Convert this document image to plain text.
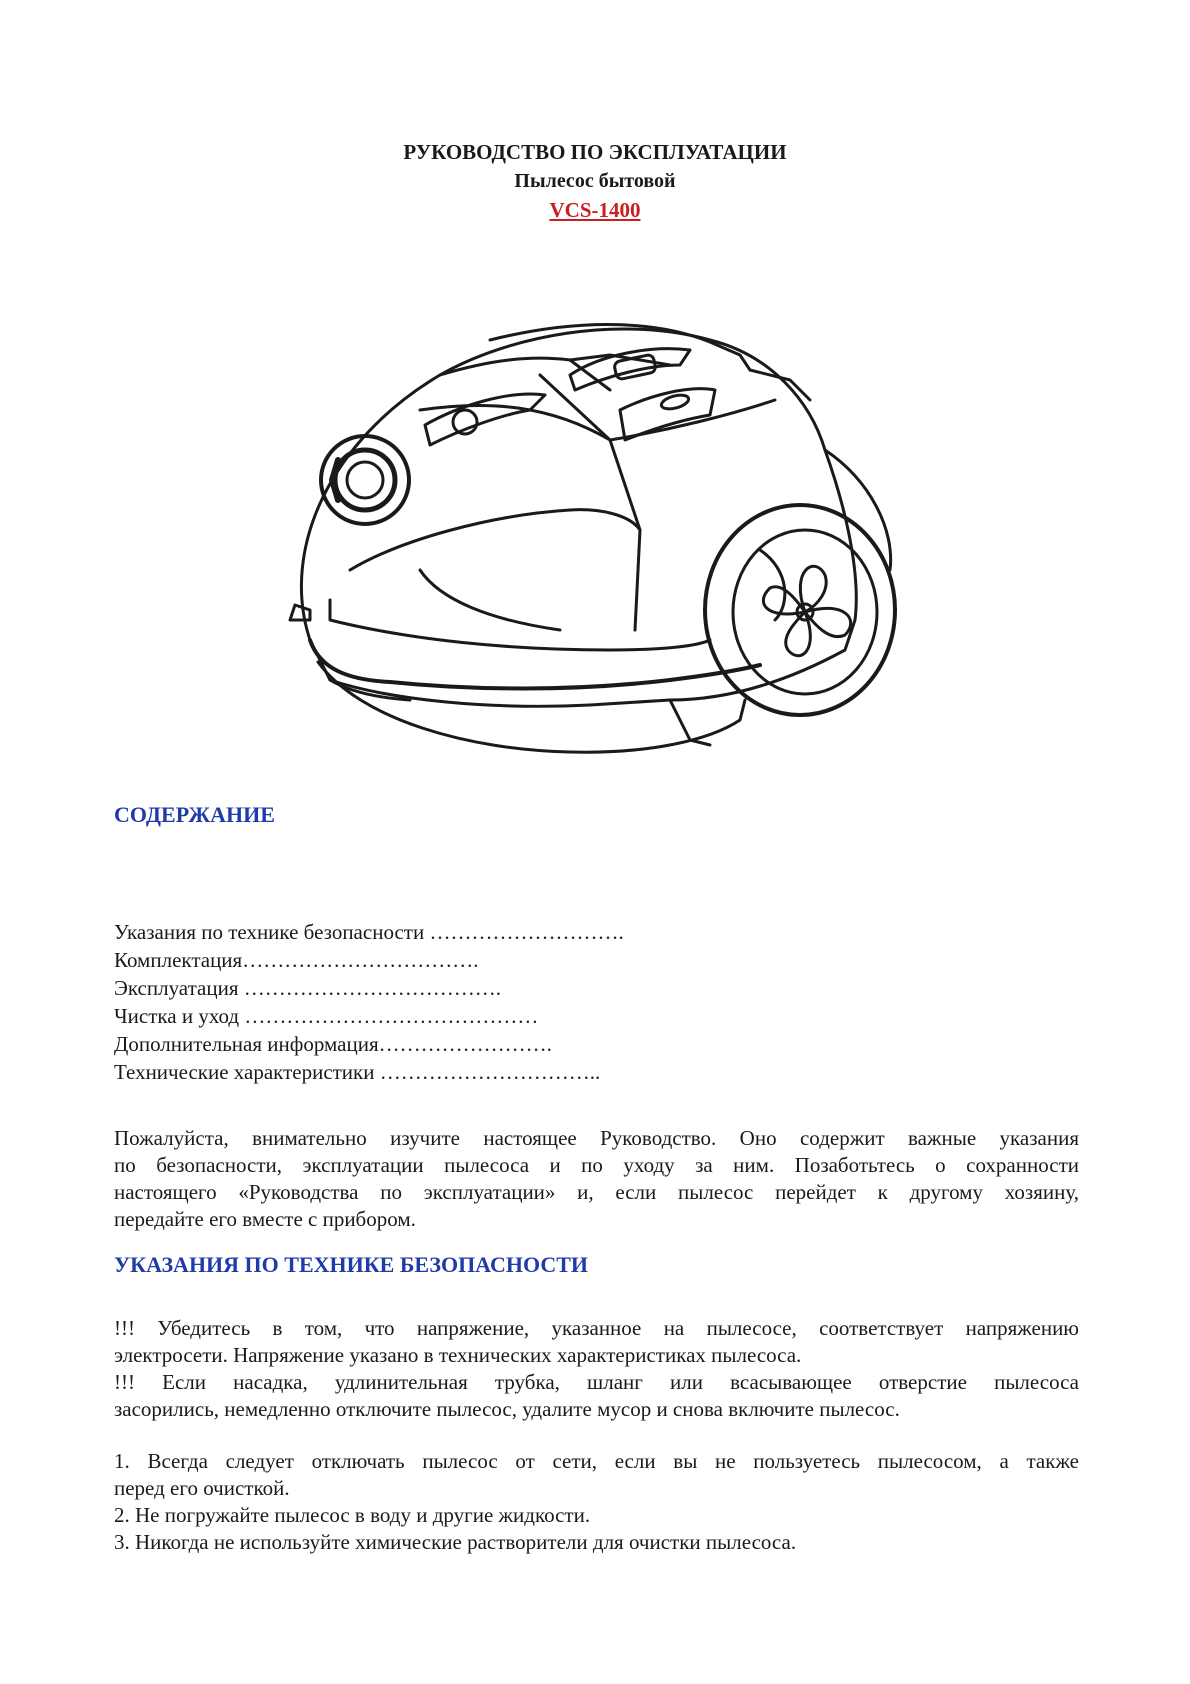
РУКОВОДСТВО ПО ЭКСПЛУАТАЦИИ
Пылесос бытовой
VCS-1400
СОДЕРЖАНИЕ
Указания по технике безопасности ……………………….
Комплектация…………………………….
Эксплуатация ……………………………….
Чистка и уход ……………………………………
Дополнительная информация…………………….
Технические характеристики …………………………..
Пожалуйста, внимательно изучите настоящее Руководство. Оно содержит важные указания
по безопасности, эксплуатации пылесоса и по уходу за ним. Позаботьтесь о сохранности
настоящего «Руководства по эксплуатации» и, если пылесос перейдет к другому хозяину,
передайте его вместе с прибором.
УКАЗАНИЯ ПО ТЕХНИКЕ БЕЗОПАСНОСТИ
!!! Убедитесь в том, что напряжение, указанное на пылесосе, соответствует напряжению
электросети. Напряжение указано в технических характеристиках пылесоса.
!!! Если насадка, удлинительная трубка, шланг или всасывающее отверстие пылесоса
засорились, немедленно отключите пылесос, удалите мусор и снова включите пылесос.
1. Всегда следует отключать пылесос от сети, если вы не пользуетесь пылесосом, а также
перед его очисткой.
2. Не погружайте пылесос в воду и другие жидкости.
3. Никогда не используйте химические растворители для очистки пылесоса.
